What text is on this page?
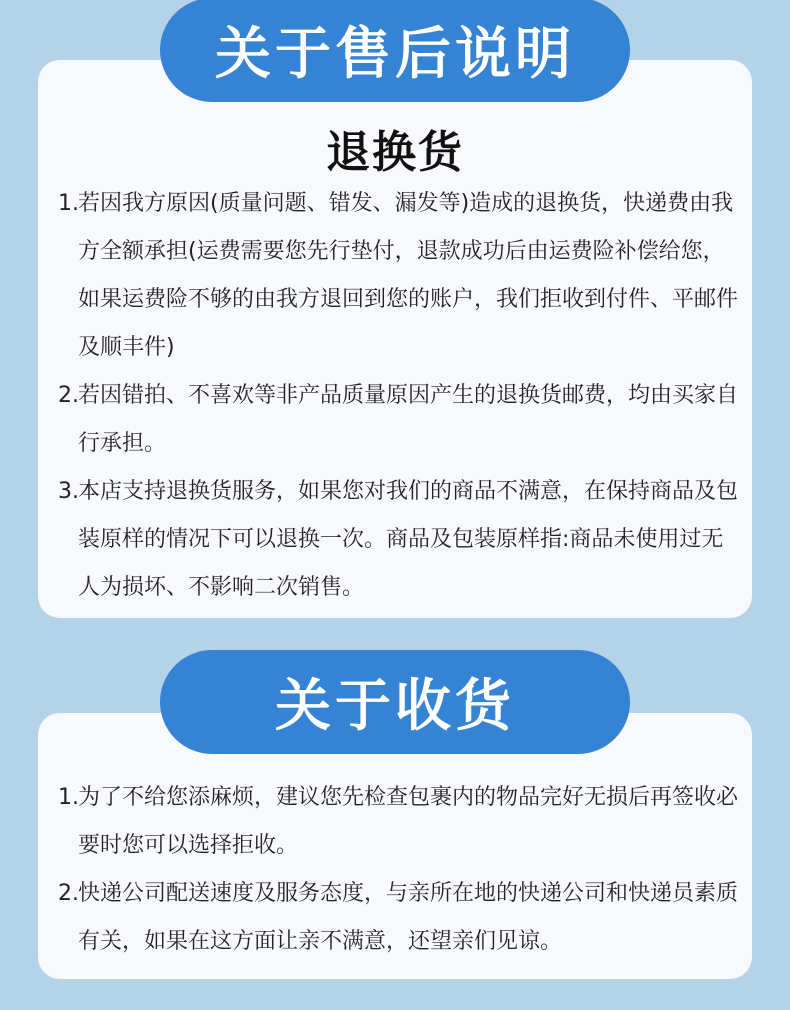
关于售后说明
退换货
1. 若因我方原因(质量问题、错发、漏发等)造成的退换货，快递费由我方全额承担(运费需要您先行垫付，退款成功后由运费险补偿给您，如果运费险不够的由我方退回到您的账户，我们拒收到付件、平邮件及顺丰件)
2. 若因错拍、不喜欢等非产品质量原因产生的退换货邮费，均由买家自行承担。
3. 本店支持退换货服务，如果您对我们的商品不满意，在保持商品及包装原样的情况下可以退换一次。商品及包装原样指:商品未使用过无人为损坏、不影响二次销售。
关于收货
1. 为了不给您添麻烦，建议您先检查包裹内的物品完好无损后再签收必要时您可以选择拒收。
2. 快递公司配送速度及服务态度，与亲所在地的快递公司和快递员素质有关，如果在这方面让亲不满意，还望亲们见谅。
